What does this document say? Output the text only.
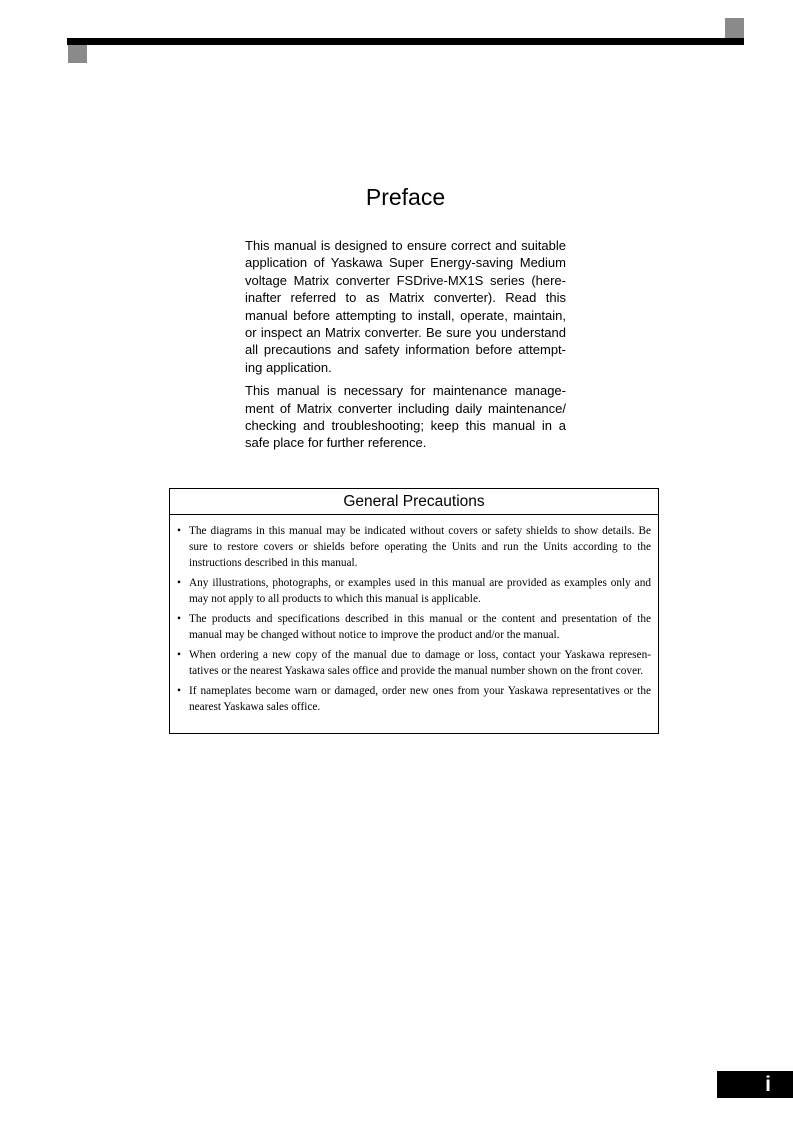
Preface

This manual is designed to ensure correct and suitable application of Yaskawa Super Energy-saving Medium voltage Matrix converter FSDrive-MX1S series (here-inafter referred to as Matrix converter). Read this manual before attempting to install, operate, maintain, or inspect an Matrix converter. Be sure you understand all precautions and safety information before attempt-ing application.

This manual is necessary for maintenance manage-ment of Matrix converter including daily maintenance/ checking and troubleshooting; keep this manual in a safe place for further reference.

General Precautions
• The diagrams in this manual may be indicated without covers or safety shields to show details. Be sure to restore covers or shields before operating the Units and run the Units according to the instructions described in this manual.
• Any illustrations, photographs, or examples used in this manual are provided as examples only and may not apply to all products to which this manual is applicable.
• The products and specifications described in this manual or the content and presentation of the manual may be changed without notice to improve the product and/or the manual.
• When ordering a new copy of the manual due to damage or loss, contact your Yaskawa represen-tatives or the nearest Yaskawa sales office and provide the manual number shown on the front cover.
• If nameplates become warn or damaged, order new ones from your Yaskawa representatives or the nearest Yaskawa sales office.
i
